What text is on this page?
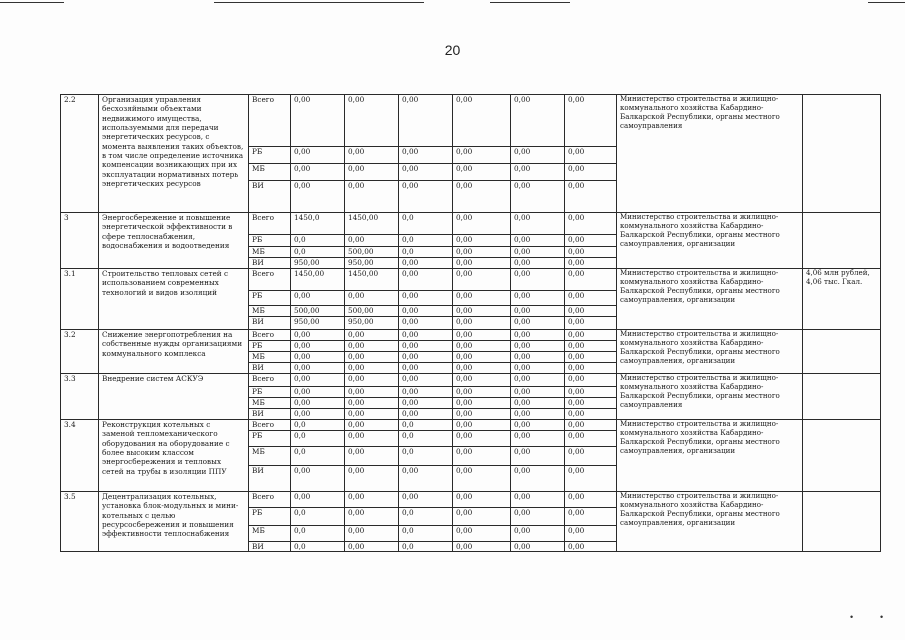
20
2.2	Организация управления бесхозяйными объектами недвижимого имущества, используемыми для передачи энергетических ресурсов, с момента выявления таких объектов, в том числе определение источника компенсации возникающих при их эксплуатации нормативных потерь энергетических ресурсов	Всего	0,00	0,00	0,00	0,00	0,00	0,00	Министерство строительства и жилищно-коммунального хозяйства Кабардино-Балкарской Республики, органы местного самоуправления	
		РБ	0,00	0,00	0,00	0,00	0,00	0,00		
		МБ	0,00	0,00	0,00	0,00	0,00	0,00		
		ВИ	0,00	0,00	0,00	0,00	0,00	0,00		
3	Энергосбережение и повышение энергетической эффективности в сфере теплоснабжения, водоснабжения и водоотведения	Всего	1450,0	1450,00	0,0	0,00	0,00	0,00	Министерство строительства и жилищно-коммунального хозяйства Кабардино-Балкарской Республики, органы местного самоуправления, организации	
		РБ	0,0	0,00	0,0	0,00	0,00	0,00		
		МБ	0,0	500,00	0,0	0,00	0,00	0,00		
		ВИ	950,00	950,00	0,00	0,00	0,00	0,00		
3.1	Строительство тепловых сетей с использованием современных технологий и видов изоляций	Всего	1450,00	1450,00	0,00	0,00	0,00	0,00	Министерство строительства и жилищно-коммунального хозяйства Кабардино-Балкарской Республики, органы местного самоуправления, организации	4,06 млн рублей, 4,06 тыс. Гкал.
		РБ	0,00	0,00	0,00	0,00	0,00	0,00		
		МБ	500,00	500,00	0,00	0,00	0,00	0,00		
		ВИ	950,00	950,00	0,00	0,00	0,00	0,00		
3.2	Снижение энергопотребления на собственные нужды организациями коммунального комплекса	Всего	0,00	0,00	0,00	0,00	0,00	0,00	Министерство строительства и жилищно-коммунального хозяйства Кабардино-Балкарской Республики, органы местного самоуправления, организации	
		РБ	0,00	0,00	0,00	0,00	0,00	0,00		
		МБ	0,00	0,00	0,00	0,00	0,00	0,00		
		ВИ	0,00	0,00	0,00	0,00	0,00	0,00		
3.3	Внедрение систем АСКУЭ	Всего	0,00	0,00	0,00	0,00	0,00	0,00	Министерство строительства и жилищно-коммунального хозяйства Кабардино-Балкарской Республики, органы местного самоуправления	
		РБ	0,00	0,00	0,00	0,00	0,00	0,00		
		МБ	0,00	0,00	0,00	0,00	0,00	0,00		
		ВИ	0,00	0,00	0,00	0,00	0,00	0,00		
3.4	Реконструкция котельных с заменой тепломеханического оборудования на оборудование с более высоким классом энергосбережения и тепловых сетей на трубы в изоляции ППУ	Всего	0,0	0,00	0,0	0,00	0,00	0,00	Министерство строительства и жилищно-коммунального хозяйства Кабардино-Балкарской Республики, органы местного самоуправления, организации	
		РБ	0,0	0,00	0,0	0,00	0,00	0,00		
		МБ	0,0	0,00	0,0	0,00	0,00	0,00		
		ВИ	0,00	0,00	0,00	0,00	0,00	0,00		
3.5	Децентрализация котельных, установка блок-модульных и мини-котельных с целью ресурсосбережения и повышения эффективности теплоснабжения	Всего	0,00	0,00	0,00	0,00	0,00	0,00	Министерство строительства и жилищно-коммунального хозяйства Кабардино-Балкарской Республики, органы местного самоуправления, организации	
		РБ	0,0	0,00	0,0	0,00	0,00	0,00		
		МБ	0,0	0,00	0,0	0,00	0,00	0,00		
		ВИ	0,0	0,00	0,0	0,00	0,00	0,00		
•	•
